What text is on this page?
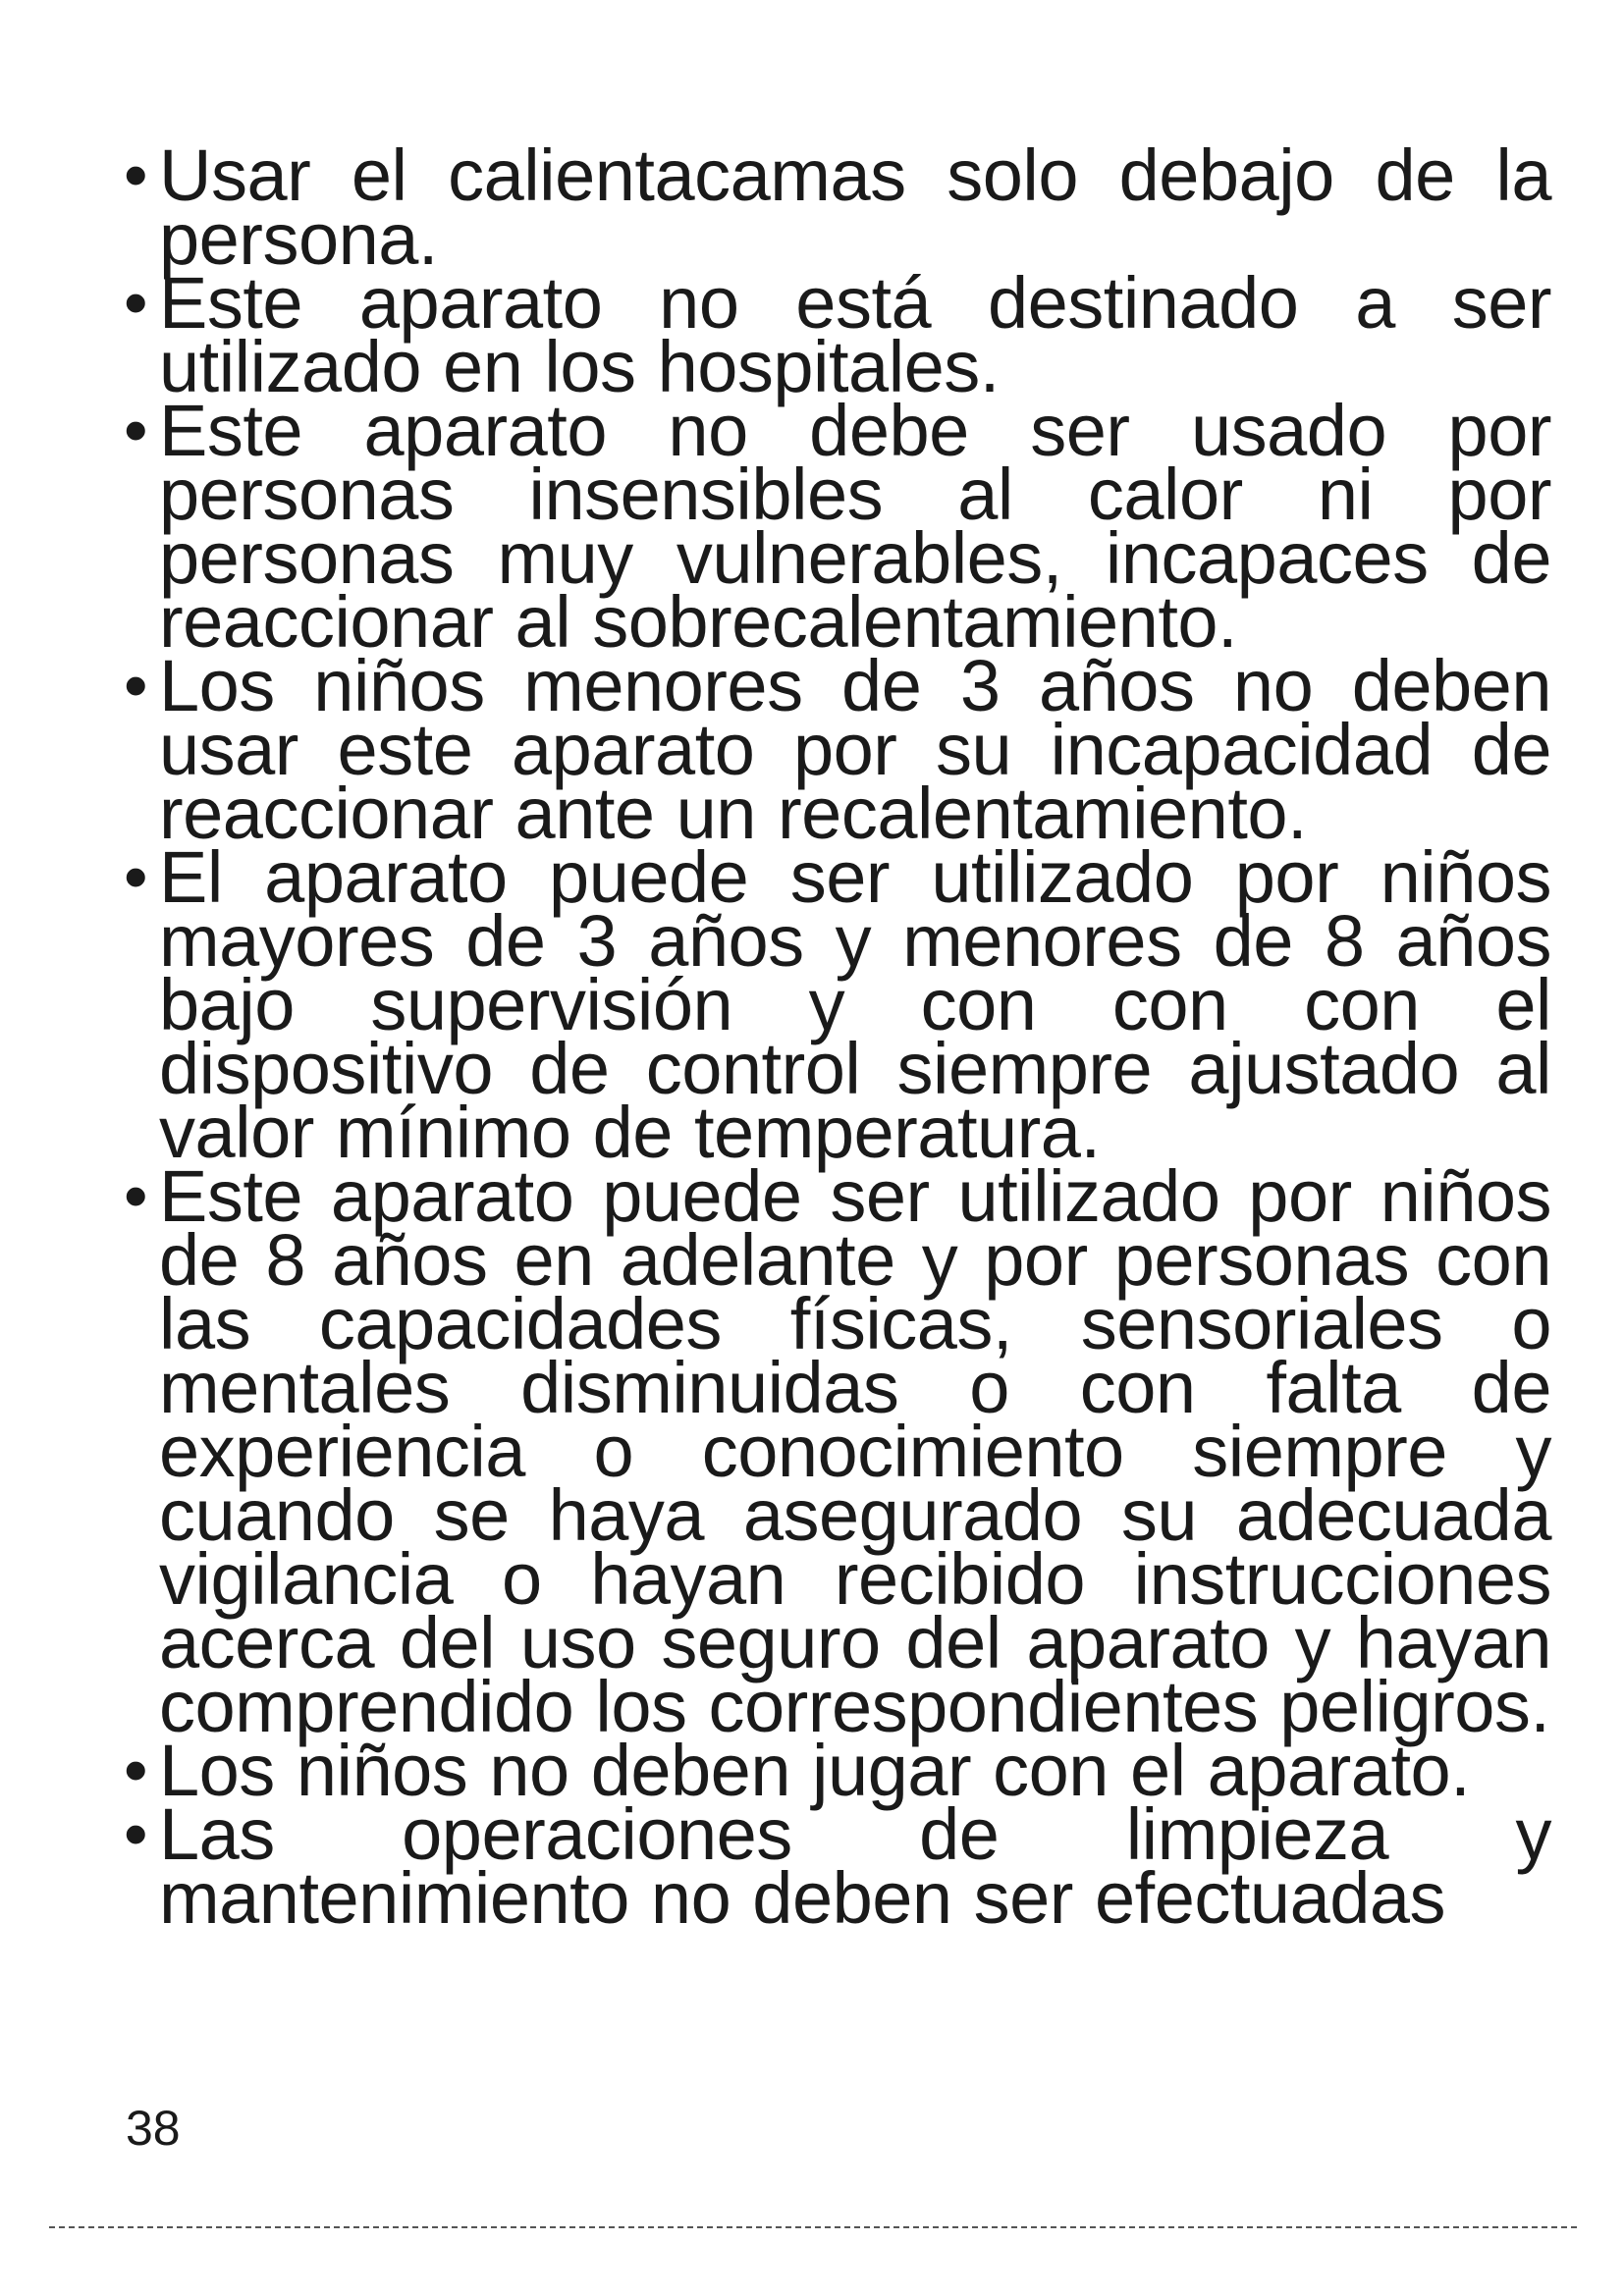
• Usar el calientacamas solo debajo de la persona.
• Este aparato no está destinado a ser utilizado en los hospitales.
• Este aparato no debe ser usado por personas insensibles al calor ni por personas muy vulnerables, incapaces de reaccionar al sobrecalentamiento.
• Los niños menores de 3 años no deben usar este aparato por su incapacidad de reaccionar ante un recalentamiento.
• El aparato puede ser utilizado por niños mayores de 3 años y menores de 8 años bajo supervisión y con con con el dispositivo de control siempre ajustado al valor mínimo de temperatura.
• Este aparato puede ser utilizado por niños de 8 años en adelante y por personas con las capacidades físicas, sensoriales o mentales disminuidas o con falta de experiencia o conocimiento siempre y cuando se haya asegurado su adecuada vigilancia o hayan recibido instrucciones acerca del uso seguro del aparato y hayan comprendido los correspondientes peligros.
• Los niños no deben jugar con el aparato.
• Las operaciones de limpieza y mantenimiento no deben ser efectuadas
38
